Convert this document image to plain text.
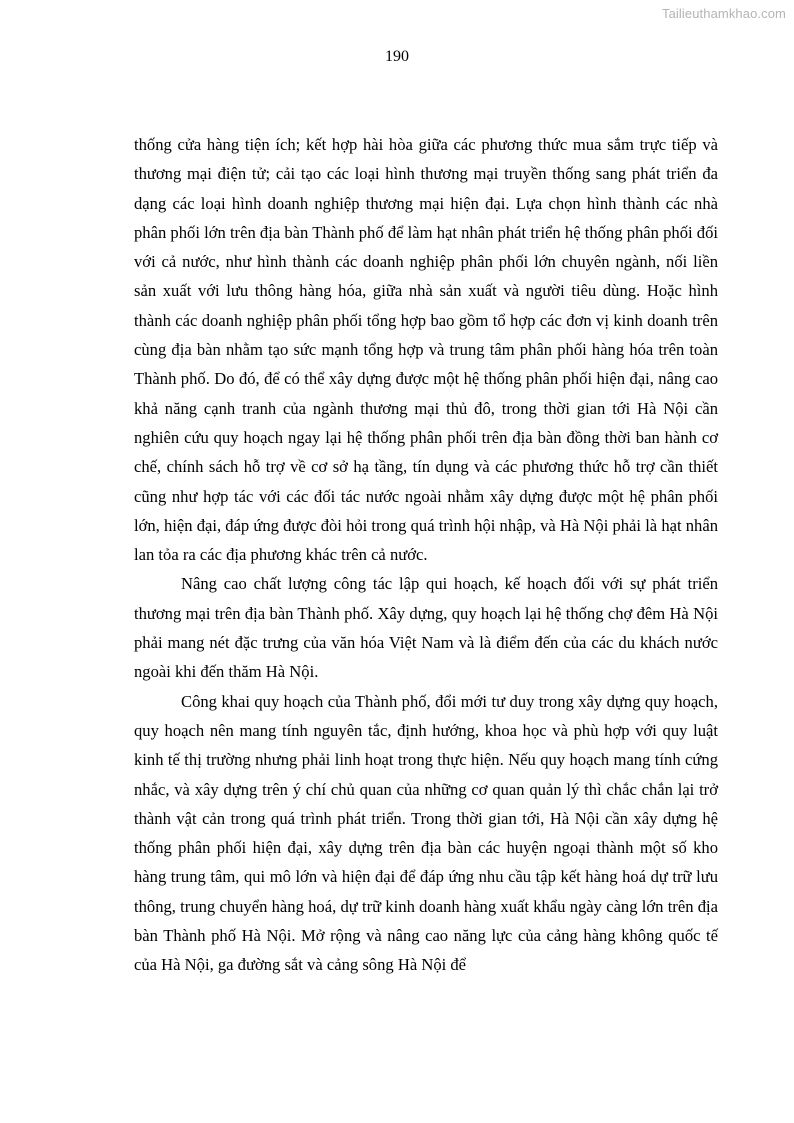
Tailieuthamkhao.com
190

thống cửa hàng tiện ích; kết hợp hài hòa giữa các phương thức mua sắm trực tiếp và thương mại điện tử; cải tạo các loại hình thương mại truyền thống sang phát triển đa dạng các loại hình doanh nghiệp thương mại hiện đại. Lựa chọn hình thành các nhà phân phối lớn trên địa bàn Thành phố để làm hạt nhân phát triển hệ thống phân phối đối với cả nước, như hình thành các doanh nghiệp phân phối lớn chuyên ngành, nối liền sản xuất với lưu thông hàng hóa, giữa nhà sản xuất và người tiêu dùng. Hoặc hình thành các doanh nghiệp phân phối tổng hợp bao gồm tổ hợp các đơn vị kinh doanh trên cùng địa bàn nhằm tạo sức mạnh tổng hợp và trung tâm phân phối hàng hóa trên toàn Thành phố. Do đó, để có thể xây dựng được một hệ thống phân phối hiện đại, nâng cao khả năng cạnh tranh của ngành thương mại thủ đô, trong thời gian tới Hà Nội cần nghiên cứu quy hoạch ngay lại hệ thống phân phối trên địa bàn đồng thời ban hành cơ chế, chính sách hỗ trợ về cơ sở hạ tầng, tín dụng và các phương thức hỗ trợ cần thiết cũng như hợp tác với các đối tác nước ngoài nhằm xây dựng được một hệ phân phối lớn, hiện đại, đáp ứng được đòi hỏi trong quá trình hội nhập, và Hà Nội phải là hạt nhân lan tỏa ra các địa phương khác trên cả nước.

Nâng cao chất lượng công tác lập qui hoạch, kế hoạch đối với sự phát triển thương mại trên địa bàn Thành phố. Xây dựng, quy hoạch lại hệ thống chợ đêm Hà Nội phải mang nét đặc trưng của văn hóa Việt Nam và là điểm đến của các du khách nước ngoài khi đến thăm Hà Nội.

Công khai quy hoạch của Thành phố, đổi mới tư duy trong xây dựng quy hoạch, quy hoạch nên mang tính nguyên tắc, định hướng, khoa học và phù hợp với quy luật kinh tế thị trường nhưng phải linh hoạt trong thực hiện. Nếu quy hoạch mang tính cứng nhắc, và xây dựng trên ý chí chủ quan của những cơ quan quản lý thì chắc chắn lại trở thành vật cản trong quá trình phát triển. Trong thời gian tới, Hà Nội cần xây dựng hệ thống phân phối hiện đại, xây dựng trên địa bàn các huyện ngoại thành một số kho hàng trung tâm, qui mô lớn và hiện đại để đáp ứng nhu cầu tập kết hàng hoá dự trữ lưu thông, trung chuyển hàng hoá, dự trữ kinh doanh hàng xuất khẩu ngày càng lớn trên địa bàn Thành phố Hà Nội. Mở rộng và nâng cao năng lực của cảng hàng không quốc tế của Hà Nội, ga đường sắt và cảng sông Hà Nội để
